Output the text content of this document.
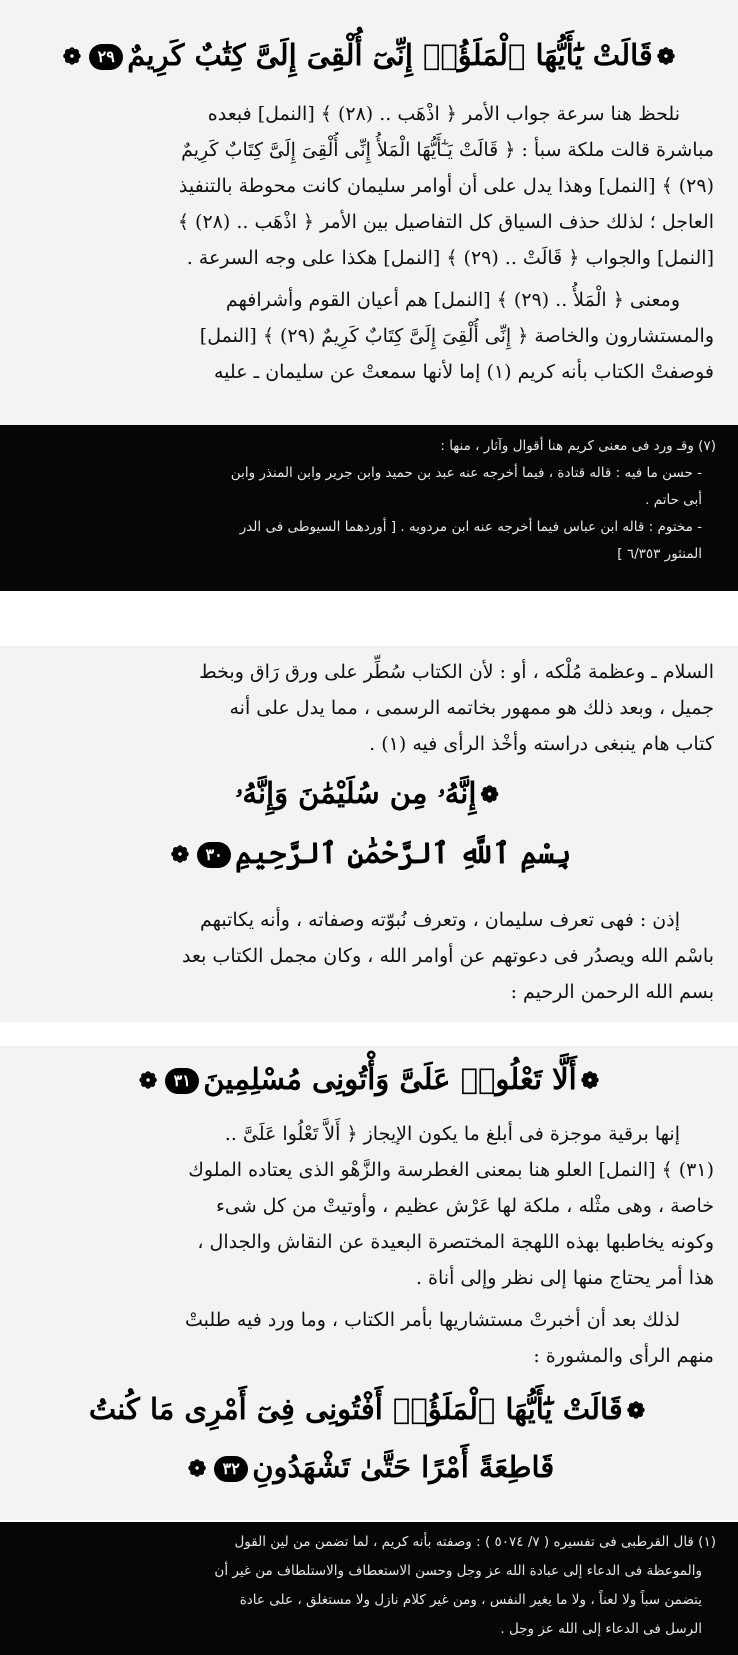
❁قَالَتْ يَٰٓأَيُّهَا ٱلْمَلَؤُا۟ إِنِّىٓ أُلْقِىَ إِلَىَّ كِتَٰبٌ كَرِيمٌ٢٩❁
نلحظ هنا سرعة جواب الأمر ﴿ اذْهَب .. (٢٨) ﴾ [النمل] فبعده
مباشرة قالت ملكة سبأ : ﴿ قَالَتْ يَـٰٓأَيُّهَا الْمَلأُ إِنِّى أُلْقِىَ إِلَىَّ كِتَابٌ كَرِيمٌ
(٢٩) ﴾ [النمل] وهذا يدل على أن أوامر سليمان كانت محوطة بالتنفيذ
العاجل ؛ لذلك حذف السياق كل التفاصيل بين الأمر ﴿ اذْهَب .. (٢٨) ﴾
[النمل] والجواب ﴿ قَالَتْ .. (٢٩) ﴾ [النمل] هكذا على وجه السرعة .
ومعنى ﴿ الْمَلأُ .. (٢٩) ﴾ [النمل] هم أعيان القوم وأشرافهم
والمستشارون والخاصة ﴿ إِنِّى أُلْقِىَ إِلَىَّ كِتَابٌ كَرِيمٌ (٢٩) ﴾ [النمل]
فوصفتْ الكتاب بأنه كريم (١) إما لأنها سمعتْ عن سليمان ـ عليه
(٧) وقـ ورد فى معنى كريم هنا أقوال وآثار ، منها :
- حسن ما فيه : قاله قتادة ، فيما أخرجه عنه عبد بن حميد وابن جرير وابن المنذر وابن
أبى حاتم .
- مختوم : قاله ابن عباس فيما أخرجه عنه ابن مردويه . [ أوردهما السيوطى فى الدر
المنثور ٦/٣٥٣ ]
السلام ـ وعظمة مُلْكه ، أو : لأن الكتاب سُطِّر على ورق رَاق وبخط
جميل ، وبعد ذلك هو ممهور بخاتمه الرسمى ، مما يدل على أنه
كتاب هام ينبغى دراسته وأخْذ الرأى فيه (١) .
❁إِنَّهُۥ مِن سُلَيْمَٰنَ وَإِنَّهُۥ
بِسْمِ ٱللَّهِ ٱلرَّحْمَٰنِ ٱلرَّحِيمِ٣٠❁
إذن : فهى تعرف سليمان ، وتعرف نُبوّته وصفاته ، وأنه يكاتبهم
باسْم الله ويصدُر فى دعوتهم عن أوامر الله ، وكان مجمل الكتاب بعد
بسم الله الرحمن الرحيم :
❁أَلَّا تَعْلُوا۟ عَلَىَّ وَأْتُونِى مُسْلِمِينَ٣١❁
إنها برقية موجزة فى أبلغ ما يكون الإيجاز ﴿ أَلاَّ تَعْلُوا عَلَىَّ ..
(٣١) ﴾ [النمل] العلو هنا بمعنى الغطرسة والزَّهْو الذى يعتاده الملوك
خاصة ، وهى مثْله ، ملكة لها عَرْش عظيم ، وأوتيتْ من كل شىء
وكونه يخاطبها بهذه اللهجة المختصرة البعيدة عن النقاش والجدال ،
هذا أمر يحتاج منها إلى نظر وإلى أناة .
لذلك بعد أن أخبرتْ مستشاريها بأمر الكتاب ، وما ورد فيه طلبتْ
منهم الرأى والمشورة :
❁قَالَتْ يَٰٓأَيُّهَا ٱلْمَلَؤُا۟ أَفْتُونِى فِىٓ أَمْرِى مَا كُنتُ
قَاطِعَةً أَمْرًا حَتَّىٰ تَشْهَدُونِ٣٢❁
(١) قال القرطبى فى تفسيره ( ٧/ ٥٠٧٤ ) : وصفته بأنه كريم ، لما تضمن من لين القول
والموعظة فى الدعاء إلى عبادة الله عز وجل وحسن الاستعطاف والاستلطاف من غير أن
يتضمن سباً ولا لعناً ، ولا ما يغير النفس ، ومن غير كلام نازل ولا مستغلق ، على عادة
الرسل فى الدعاء إلى الله عز وجل .
